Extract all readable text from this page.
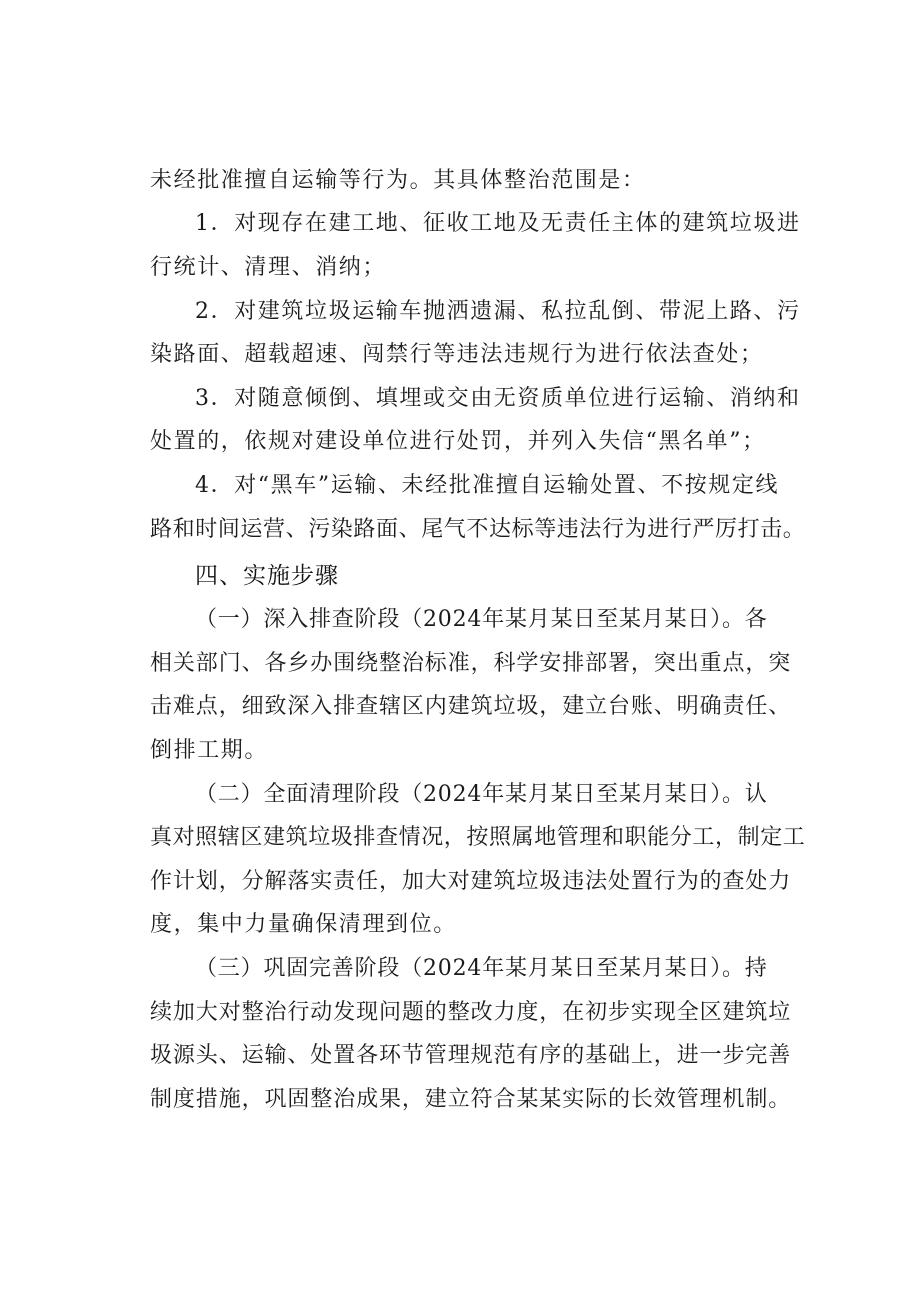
未经批准擅自运输等行为。其具体整治范围是：
1．对现存在建工地、征收工地及无责任主体的建筑垃圾进
行统计、清理、消纳；
2．对建筑垃圾运输车抛洒遗漏、私拉乱倒、带泥上路、污
染路面、超载超速、闯禁行等违法违规行为进行依法查处；
3．对随意倾倒、填埋或交由无资质单位进行运输、消纳和
处置的，依规对建设单位进行处罚，并列入失信“黑名单”；
4．对“黑车”运输、未经批准擅自运输处置、不按规定线
路和时间运营、污染路面、尾气不达标等违法行为进行严厉打击。
四、实施步骤
（一）深入排查阶段（2024年某月某日至某月某日）。各
相关部门、各乡办围绕整治标准，科学安排部署，突出重点，突
击难点，细致深入排查辖区内建筑垃圾，建立台账、明确责任、
倒排工期。
（二）全面清理阶段（2024年某月某日至某月某日）。认
真对照辖区建筑垃圾排查情况，按照属地管理和职能分工，制定工
作计划，分解落实责任，加大对建筑垃圾违法处置行为的查处力
度，集中力量确保清理到位。
（三）巩固完善阶段（2024年某月某日至某月某日）。持
续加大对整治行动发现问题的整改力度，在初步实现全区建筑垃
圾源头、运输、处置各环节管理规范有序的基础上，进一步完善
制度措施，巩固整治成果，建立符合某某实际的长效管理机制。
